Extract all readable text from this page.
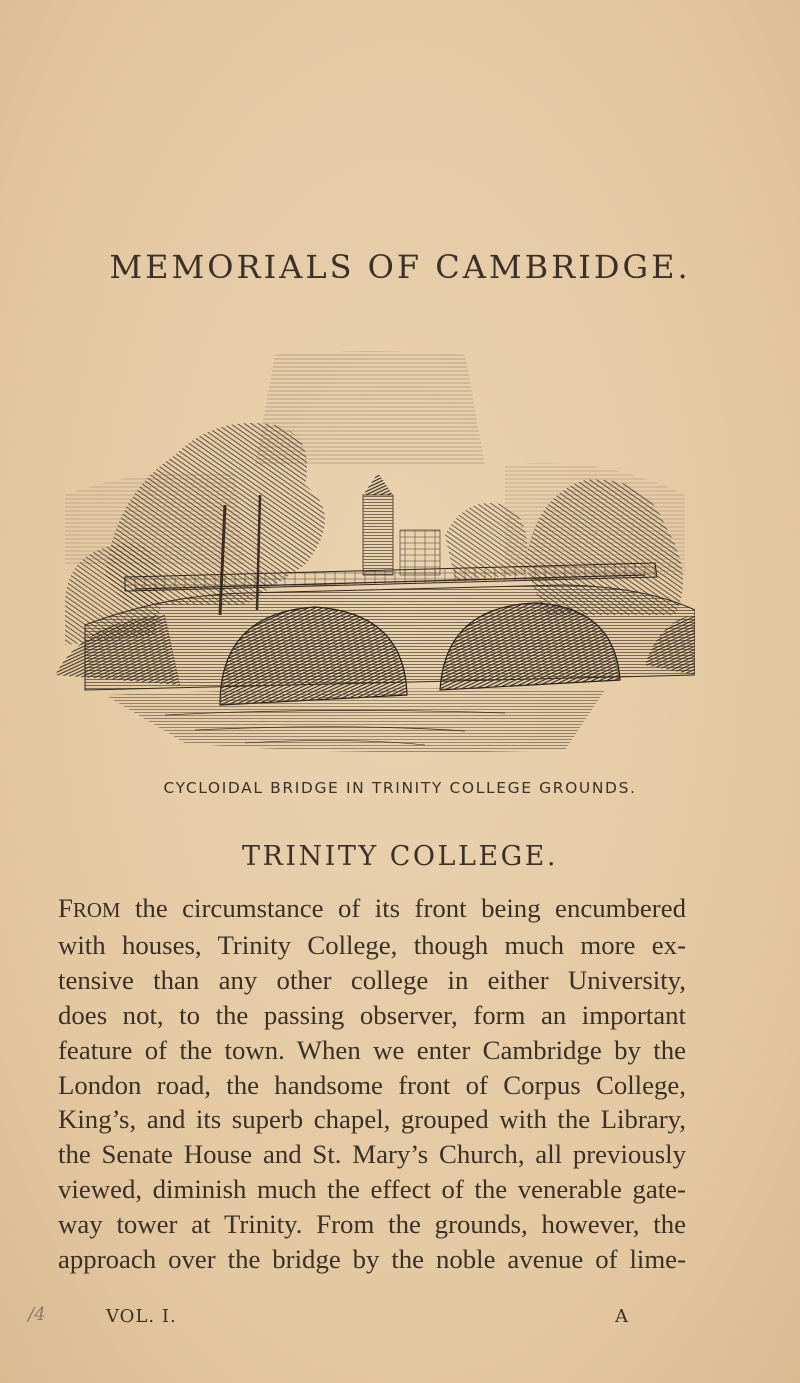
MEMORIALS OF CAMBRIDGE.
CYCLOIDAL BRIDGE IN TRINITY COLLEGE GROUNDS.
TRINITY COLLEGE.
FROM the circumstance of its front being encumbered
with houses, Trinity College, though much more ex-
tensive than any other college in either University,
does not, to the passing observer, form an important
feature of the town. When we enter Cambridge by the
London road, the handsome front of Corpus College,
King’s, and its superb chapel, grouped with the Library,
the Senate House and St. Mary’s Church, all previously
viewed, diminish much the effect of the venerable gate-
way tower at Trinity. From the grounds, however, the
approach over the bridge by the noble avenue of lime-
/4	VOL. I.	A
